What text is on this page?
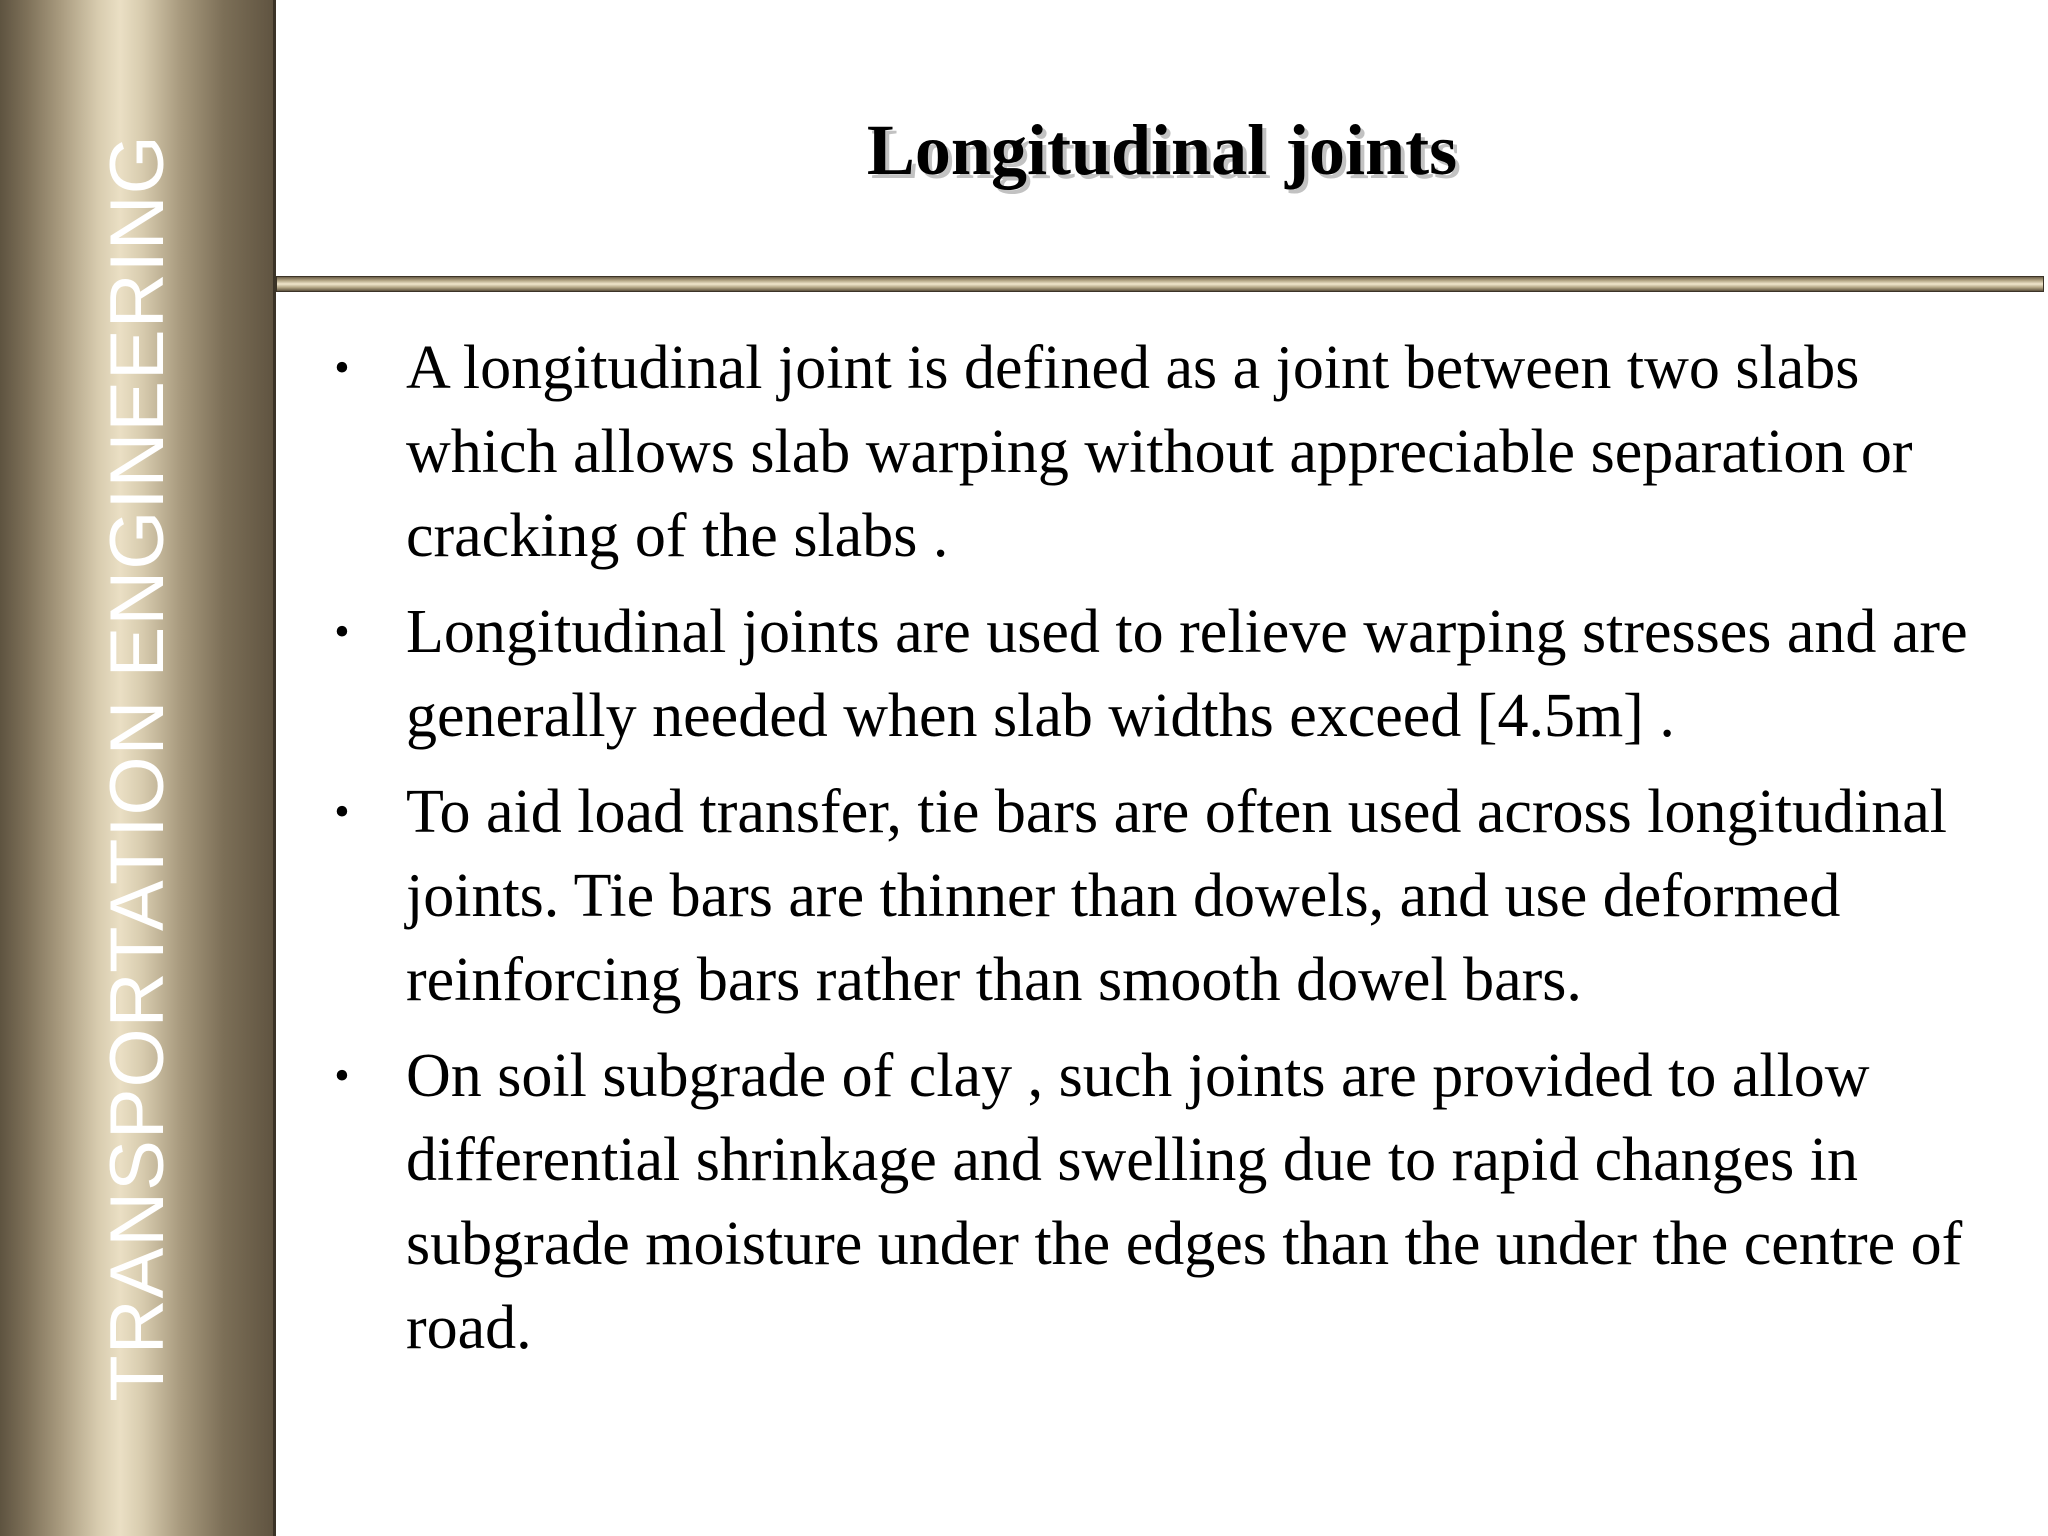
TRANSPORTATION ENGINEERING	Longitudinal joints
• A longitudinal joint is defined as a joint between two slabs which allows slab warping without appreciable separation or cracking of the slabs .
• Longitudinal joints are used to relieve warping stresses and are generally needed when slab widths exceed [4.5m] .
• To aid load transfer, tie bars are often used across longitudinal joints. Tie bars are thinner than dowels, and use deformed reinforcing bars rather than smooth dowel bars.
• On soil subgrade of clay , such joints are provided to allow differential shrinkage and swelling due to rapid changes in subgrade moisture under the edges than the under the centre of road.
